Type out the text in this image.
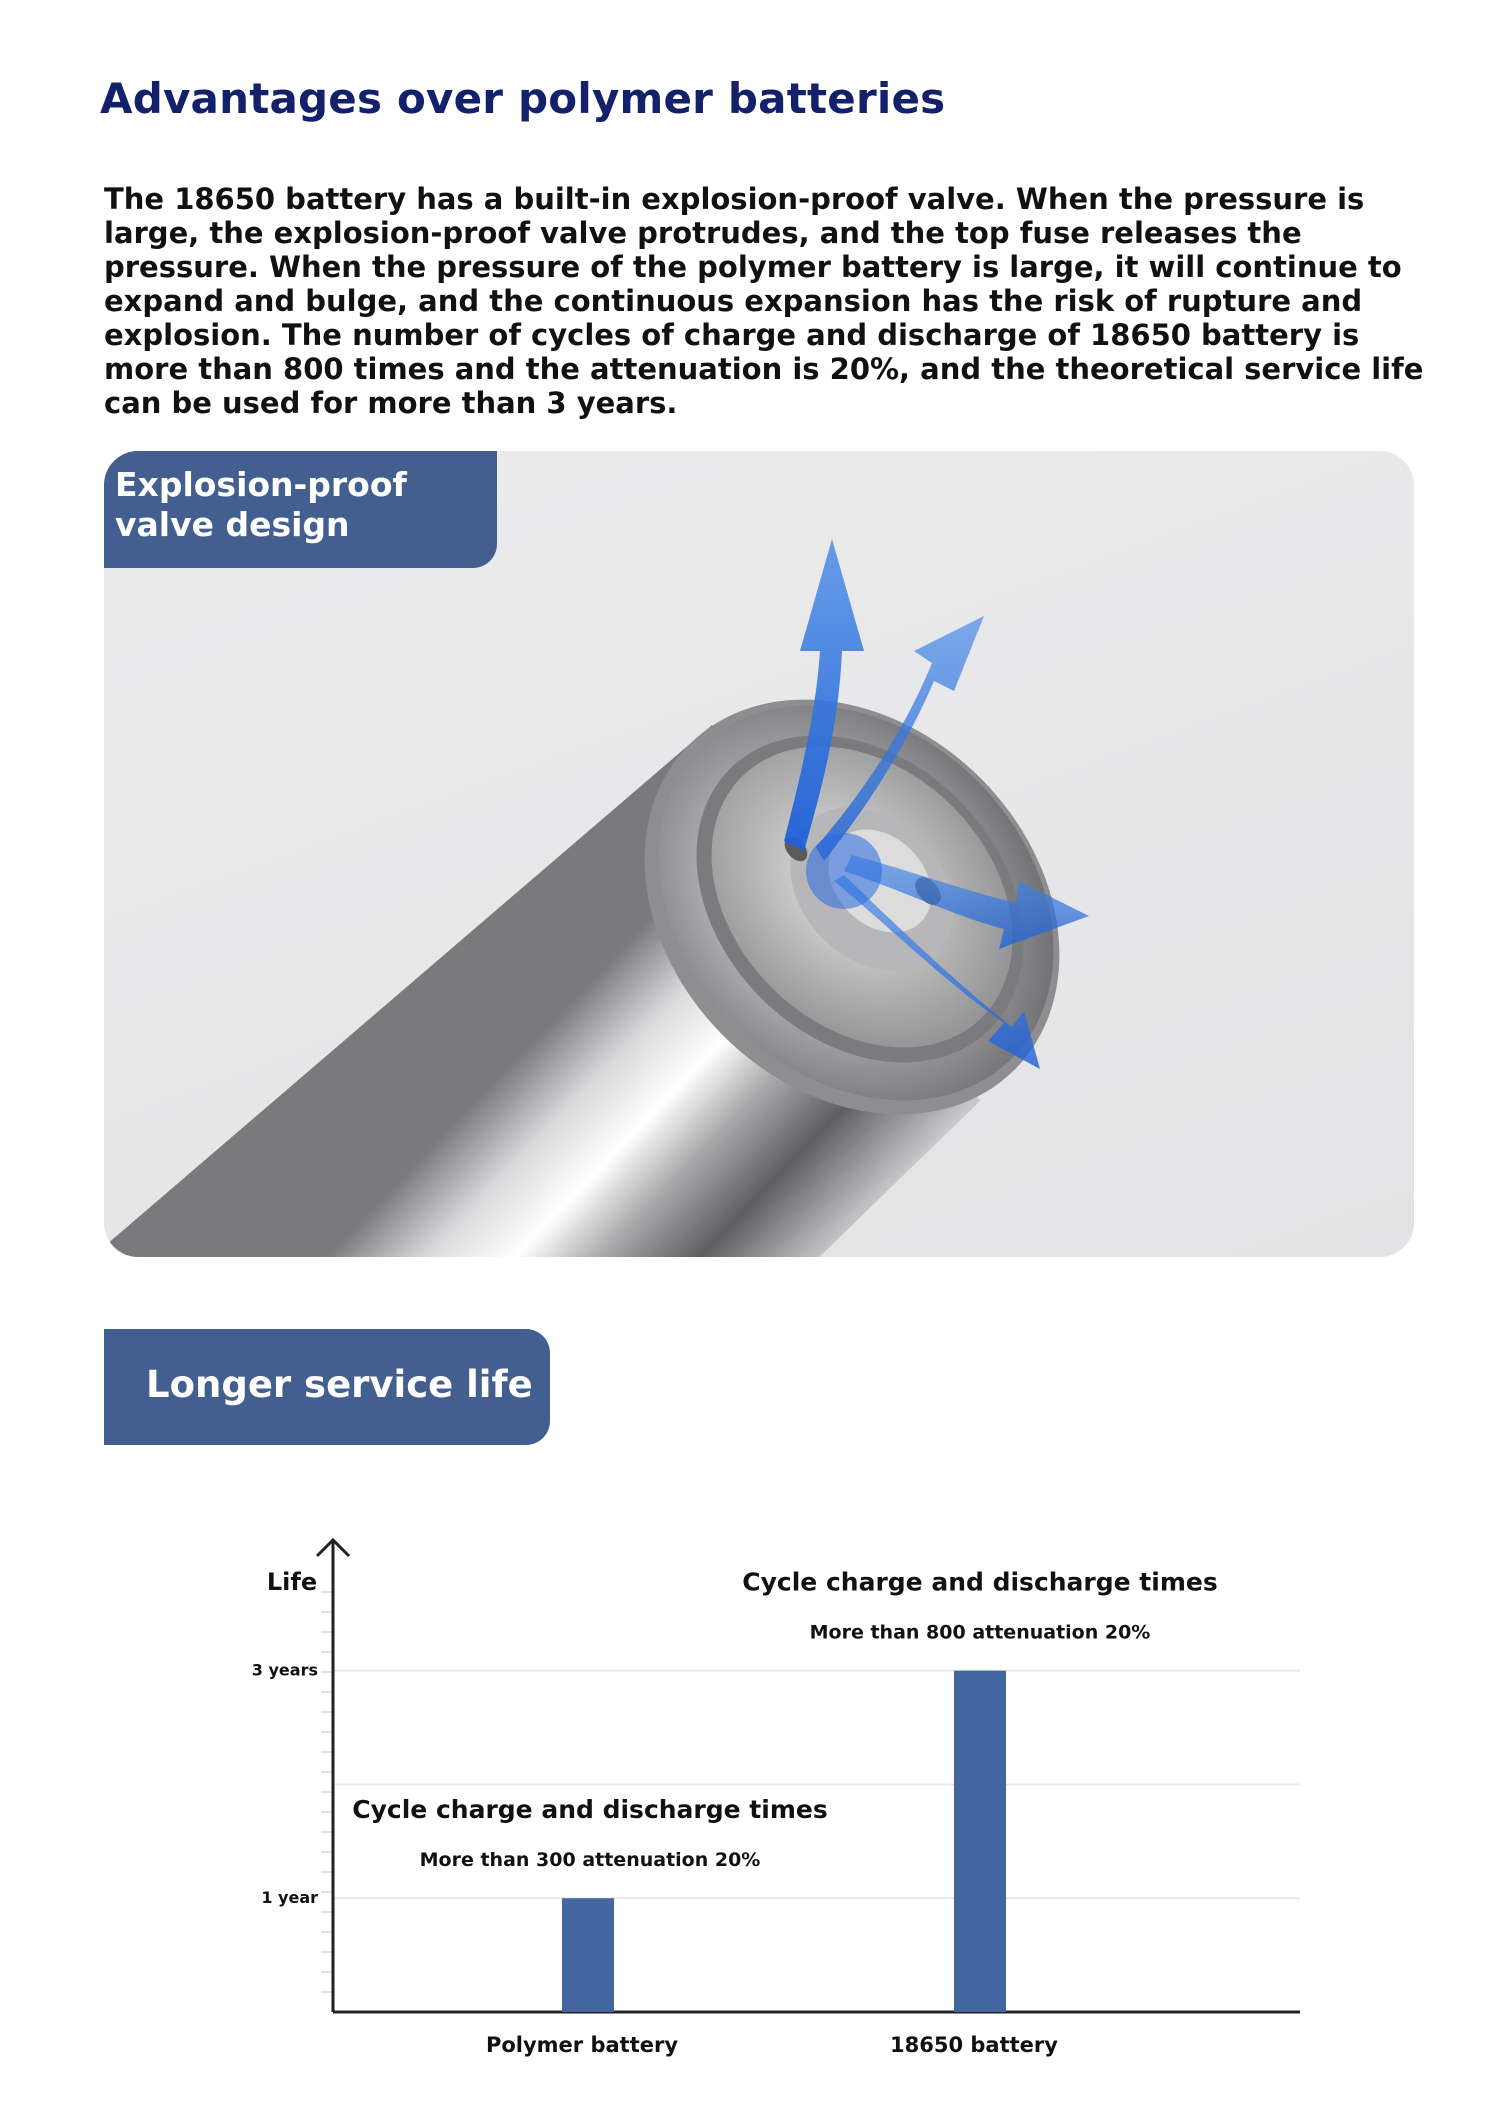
Advantages over polymer batteries

The 18650 battery has a built-in explosion-proof valve. When the pressure is large, the explosion-proof valve protrudes, and the top fuse releases the pressure. When the pressure of the polymer battery is large, it will continue to expand and bulge, and the continuous expansion has the risk of rupture and explosion. The number of cycles of charge and discharge of 18650 battery is more than 800 times and the attenuation is 20%, and the theoretical service life can be used for more than 3 years.

Explosion-proof valve design
Longer service life
Life
1 year
3 years
Polymer battery	18650 battery
Cycle charge and discharge times
More than 300 attenuation 20%
Cycle charge and discharge times
More than 800 attenuation 20%
